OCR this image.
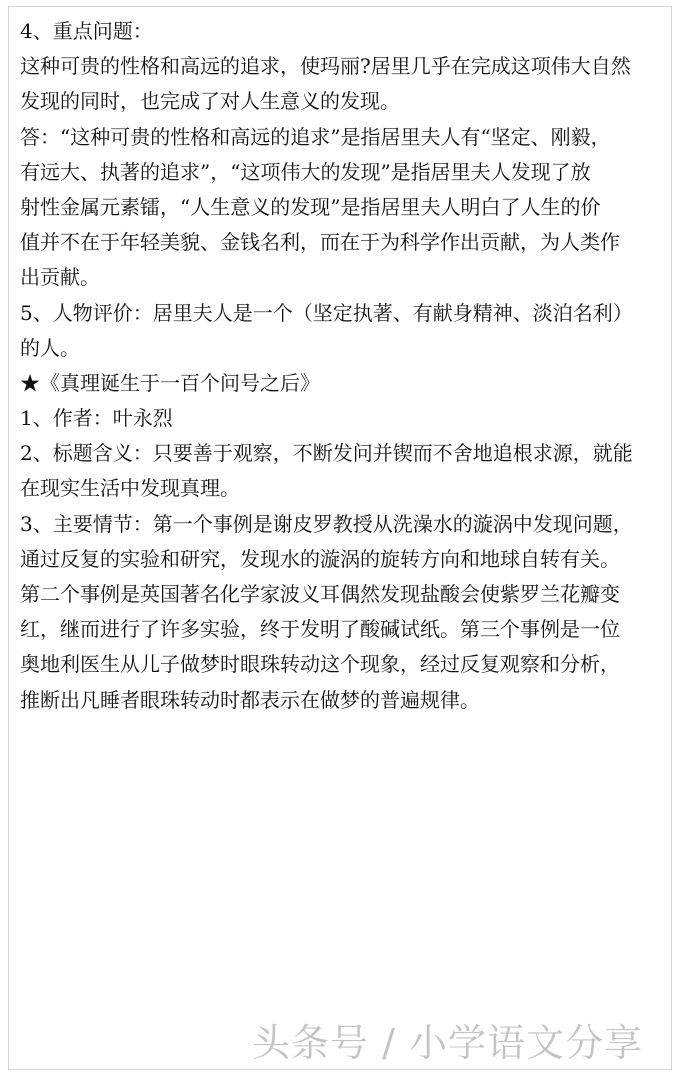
4、重点问题：
这种可贵的性格和高远的追求，使玛丽?居里几乎在完成这项伟大自然
发现的同时，也完成了对人生意义的发现。
答：“这种可贵的性格和高远的追求”是指居里夫人有“坚定、刚毅，
有远大、执著的追求”，“这项伟大的发现”是指居里夫人发现了放
射性金属元素镭，“人生意义的发现”是指居里夫人明白了人生的价
值并不在于年轻美貌、金钱名利，而在于为科学作出贡献，为人类作
出贡献。
5、人物评价：居里夫人是一个（坚定执著、有献身精神、淡泊名利）
的人。
★《真理诞生于一百个问号之后》
1、作者：叶永烈
2、标题含义：只要善于观察，不断发问并锲而不舍地追根求源，就能
在现实生活中发现真理。
3、主要情节：第一个事例是谢皮罗教授从洗澡水的漩涡中发现问题，
通过反复的实验和研究，发现水的漩涡的旋转方向和地球自转有关。
第二个事例是英国著名化学家波义耳偶然发现盐酸会使紫罗兰花瓣变
红，继而进行了许多实验，终于发明了酸碱试纸。第三个事例是一位
奥地利医生从儿子做梦时眼珠转动这个现象，经过反复观察和分析，
推断出凡睡者眼珠转动时都表示在做梦的普遍规律。
头条号 / 小学语文分享
